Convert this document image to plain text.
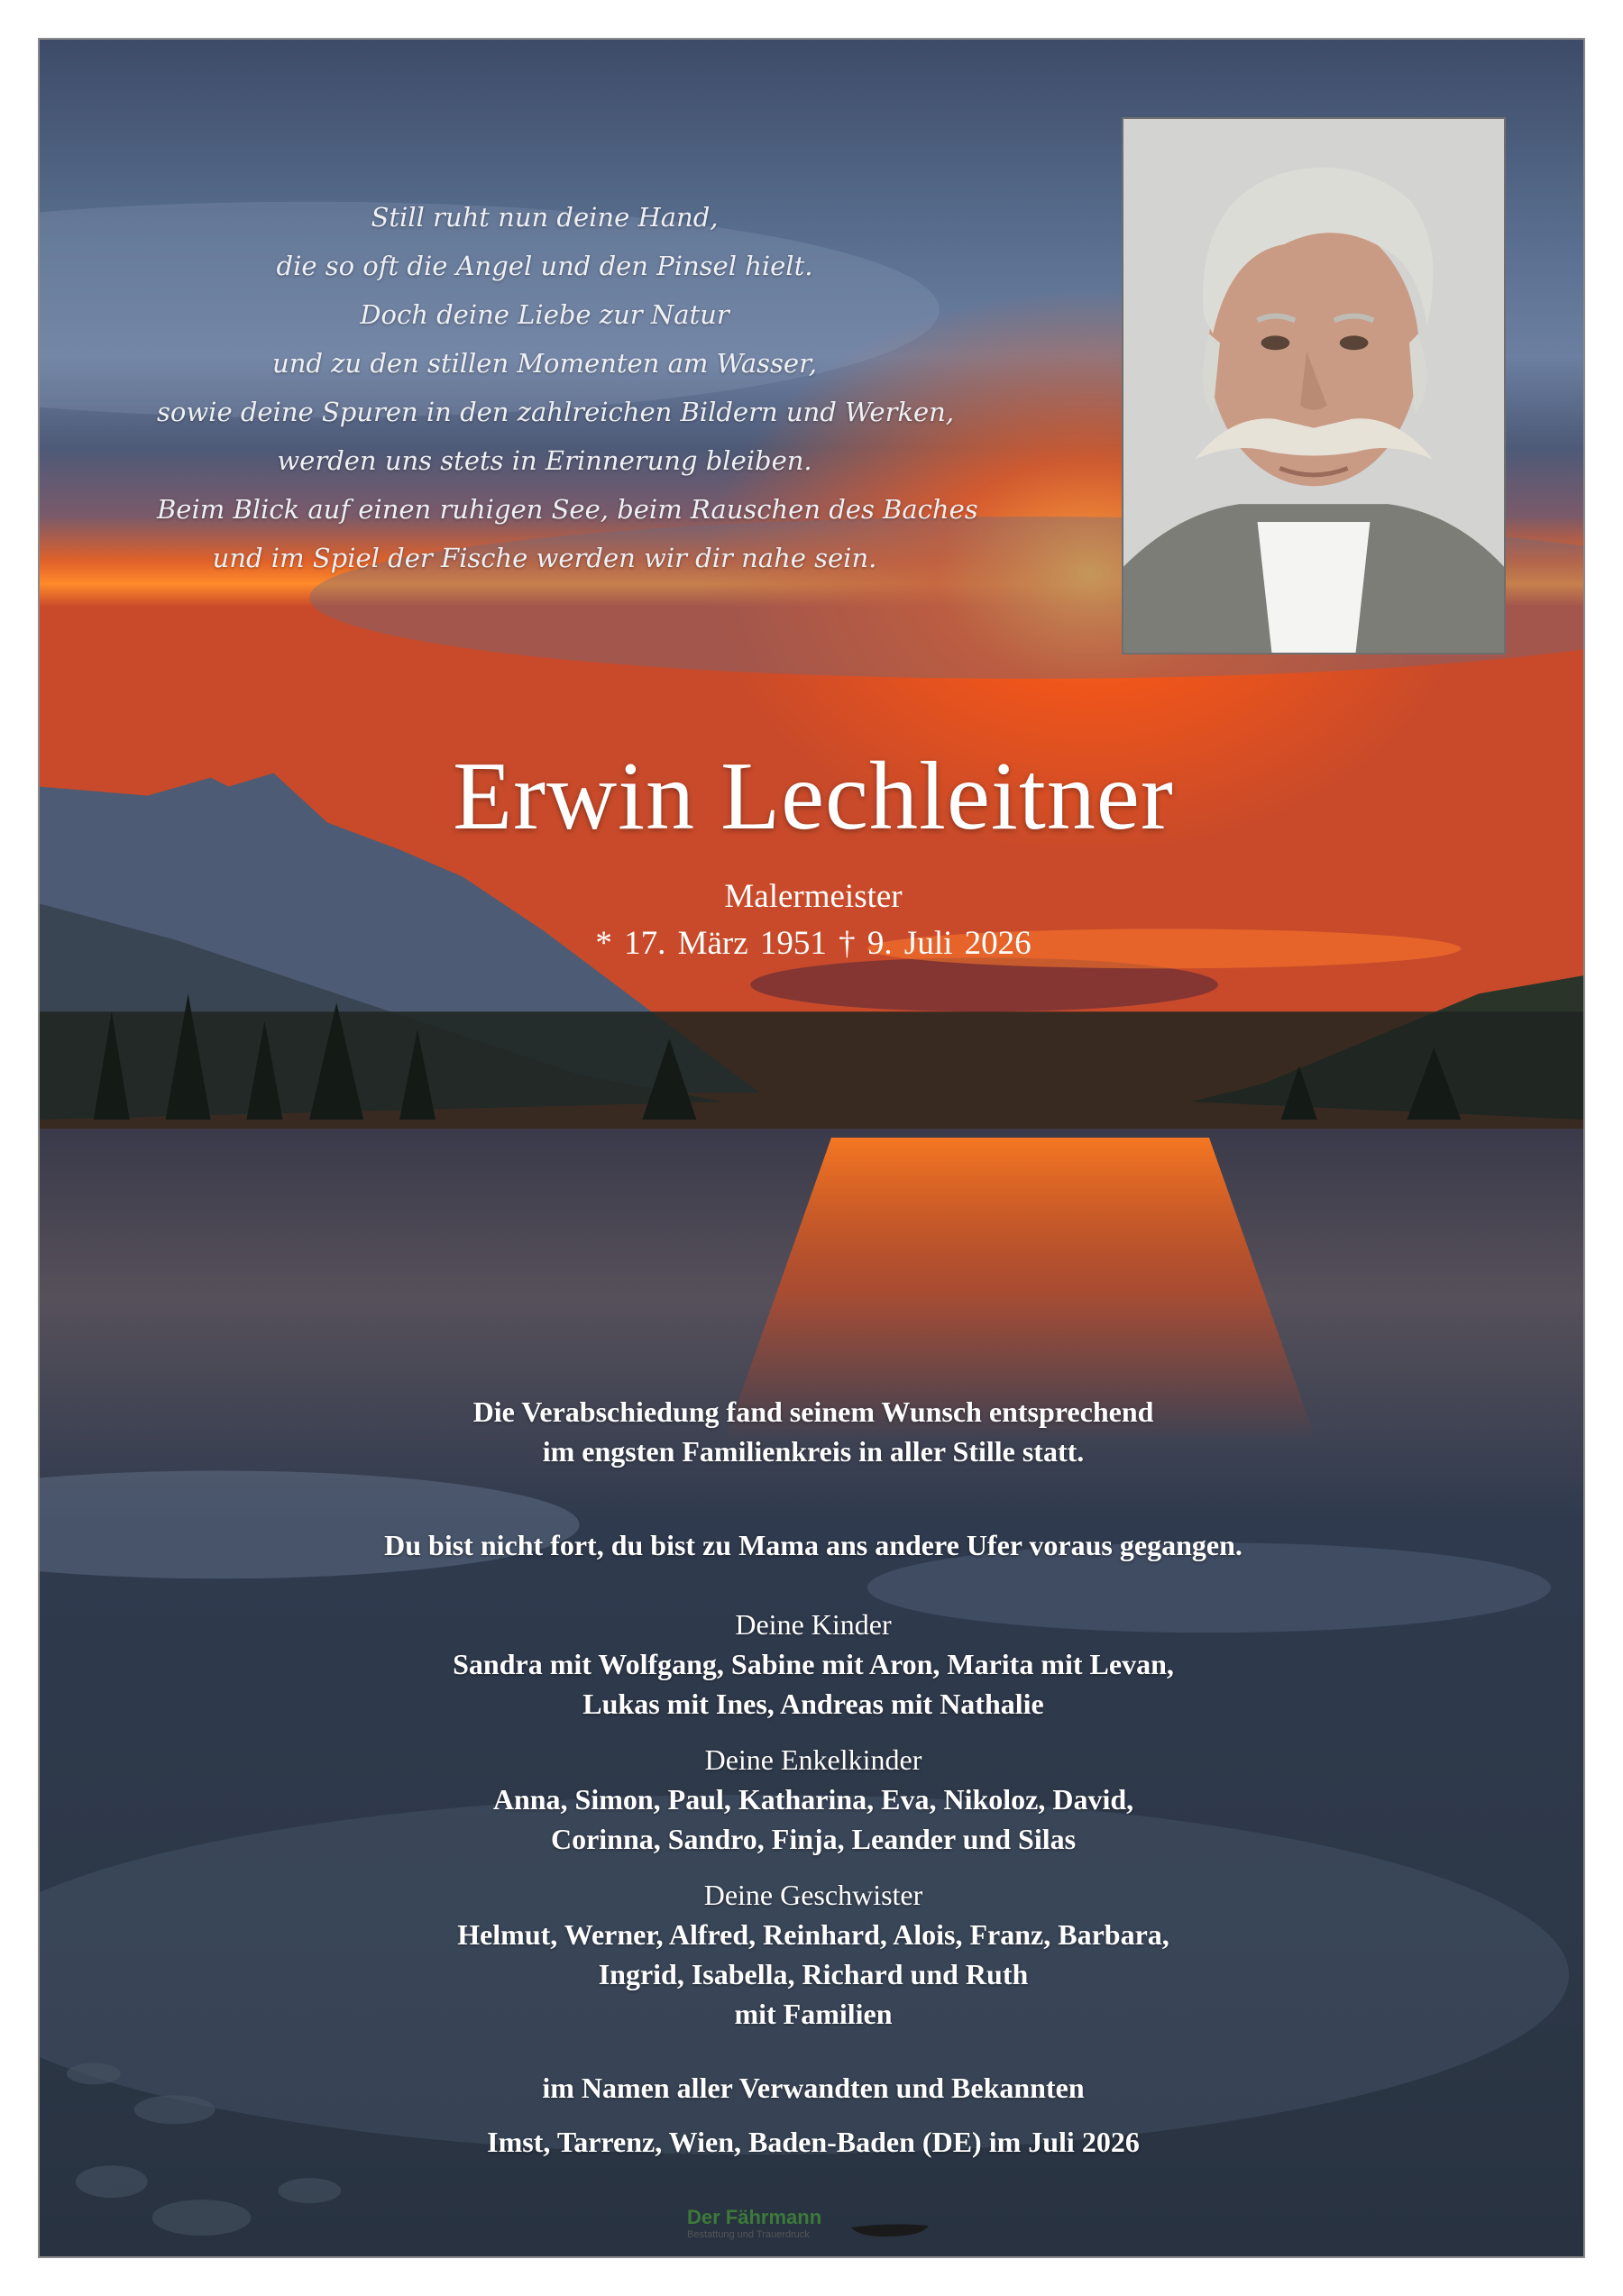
Still ruht nun deine Hand,
die so oft die Angel und den Pinsel hielt.
Doch deine Liebe zur Natur
und zu den stillen Momenten am Wasser,
sowie deine Spuren in den zahlreichen Bildern und Werken,
werden uns stets in Erinnerung bleiben.
Beim Blick auf einen ruhigen See, beim Rauschen des Baches
und im Spiel der Fische werden wir dir nahe sein.
Erwin Lechleitner
Malermeister
* 17. März 1951 † 9. Juli 2026
Die Verabschiedung fand seinem Wunsch entsprechend
im engsten Familienkreis in aller Stille statt.
Du bist nicht fort, du bist zu Mama ans andere Ufer voraus gegangen.
Deine Kinder
Sandra mit Wolfgang, Sabine mit Aron, Marita mit Levan,
Lukas mit Ines, Andreas mit Nathalie
Deine Enkelkinder
Anna, Simon, Paul, Katharina, Eva, Nikoloz, David,
Corinna, Sandro, Finja, Leander und Silas
Deine Geschwister
Helmut, Werner, Alfred, Reinhard, Alois, Franz, Barbara,
Ingrid, Isabella, Richard und Ruth
mit Familien
im Namen aller Verwandten und Bekannten
Imst, Tarrenz, Wien, Baden-Baden (DE) im Juli 2026
Der Fährmann
Bestattung und Trauerdruck
